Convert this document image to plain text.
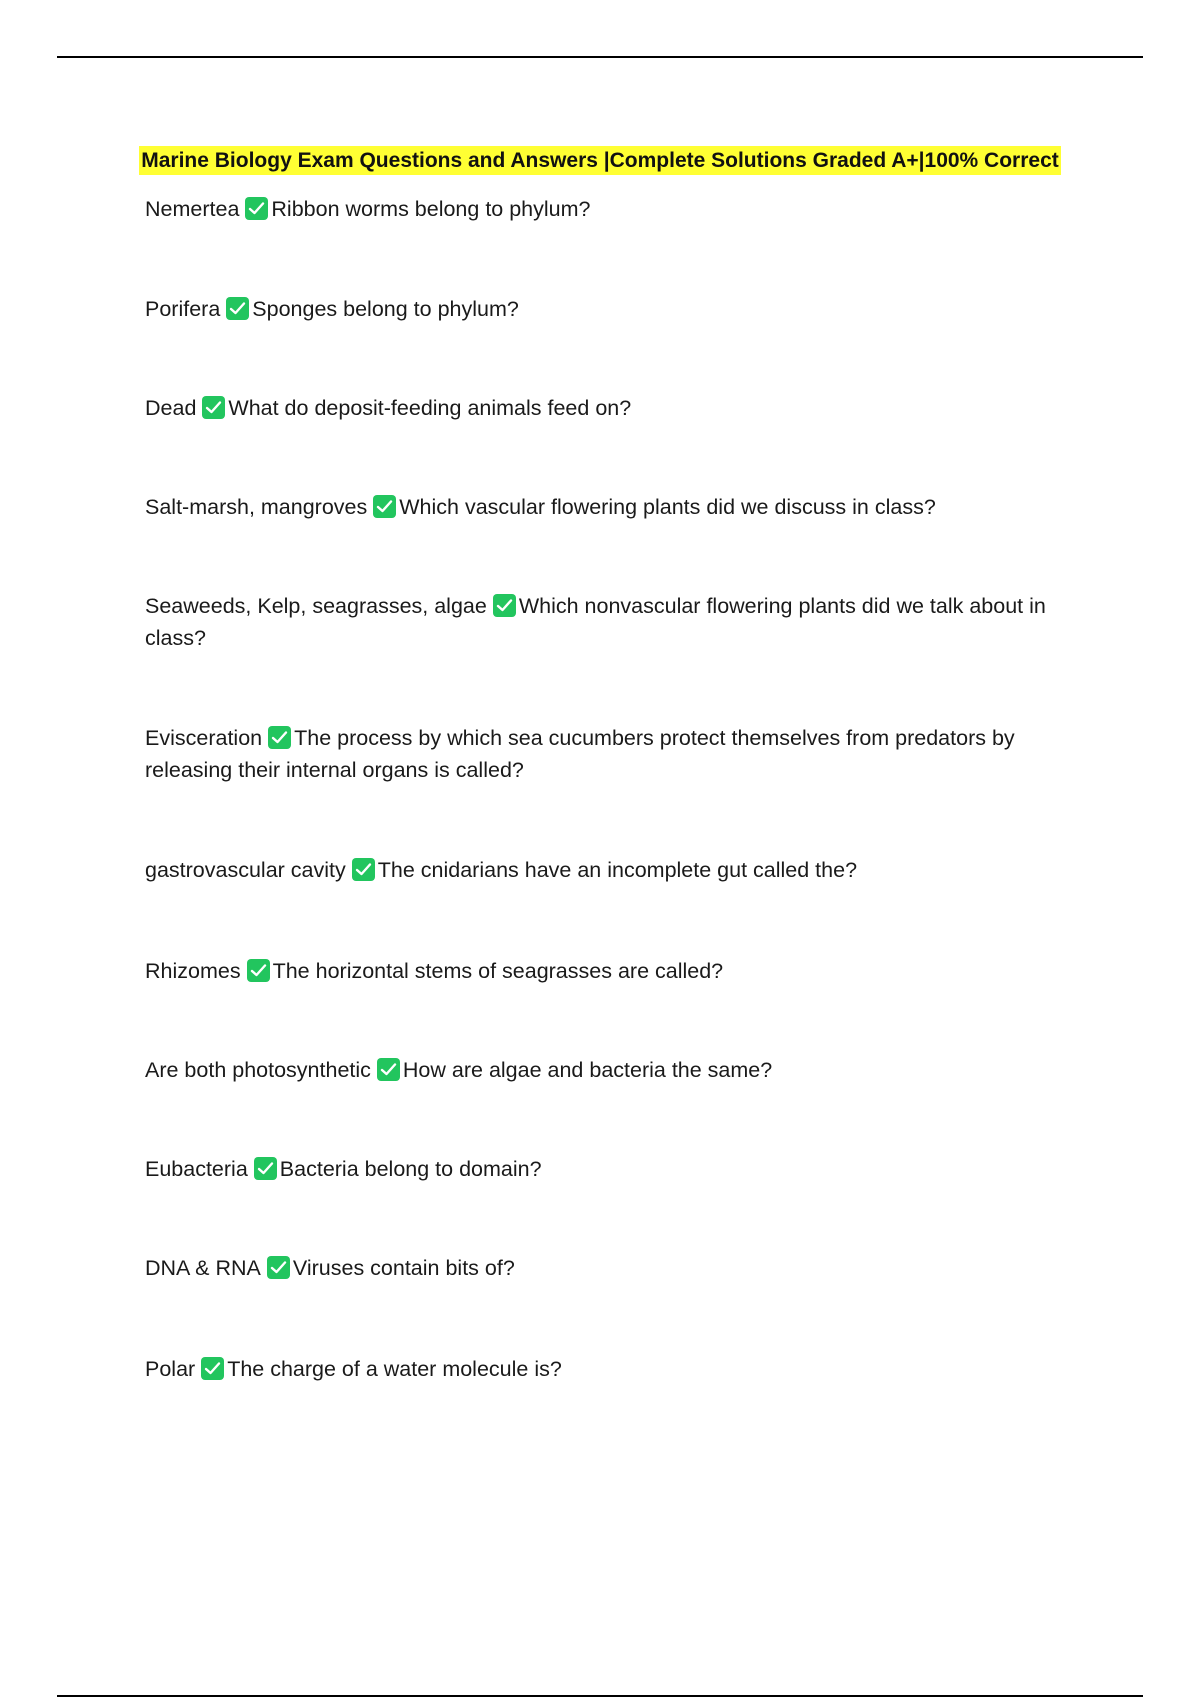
Marine Biology Exam Questions and Answers |Complete Solutions Graded A+|100% Correct
Nemertea Ribbon worms belong to phylum?
Porifera Sponges belong to phylum?
Dead What do deposit-feeding animals feed on?
Salt-marsh, mangroves Which vascular flowering plants did we discuss in class?
Seaweeds, Kelp, seagrasses, algae Which nonvascular flowering plants did we talk about in class?
Evisceration The process by which sea cucumbers protect themselves from predators by releasing their internal organs is called?
gastrovascular cavity The cnidarians have an incomplete gut called the?
Rhizomes The horizontal stems of seagrasses are called?
Are both photosynthetic How are algae and bacteria the same?
Eubacteria Bacteria belong to domain?
DNA & RNA Viruses contain bits of?
Polar The charge of a water molecule is?
